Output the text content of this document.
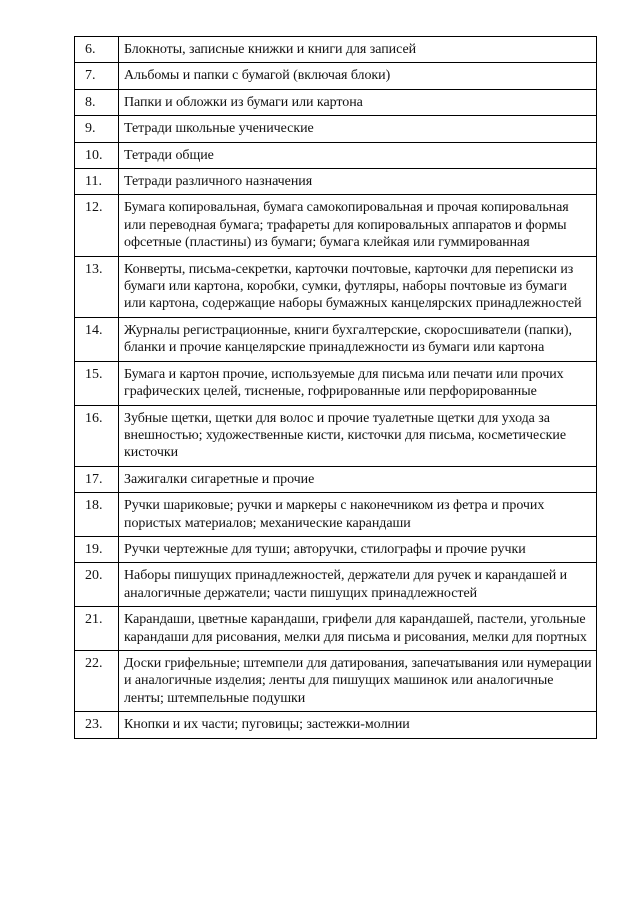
6.	Блокноты, записные книжки и книги для записей
7.	Альбомы и папки с бумагой (включая блоки)
8.	Папки и обложки из бумаги или картона
9.	Тетради школьные ученические
10.	Тетради общие
11.	Тетради различного назначения
12.	Бумага копировальная, бумага самокопировальная и прочая копировальная или переводная бумага; трафареты для копировальных аппаратов и формы офсетные (пластины) из бумаги; бумага клейкая или гуммированная
13.	Конверты, письма-секретки, карточки почтовые, карточки для переписки из бумаги или картона, коробки, сумки, футляры, наборы почтовые из бумаги или картона, содержащие наборы бумажных канцелярских принадлежностей
14.	Журналы регистрационные, книги бухгалтерские, скоросшиватели (папки), бланки и прочие канцелярские принадлежности из бумаги или картона
15.	Бумага и картон прочие, используемые для письма или печати или прочих графических целей, тисненые, гофрированные или перфорированные
16.	Зубные щетки, щетки для волос и прочие туалетные щетки для ухода за внешностью; художественные кисти, кисточки для письма, косметические кисточки
17.	Зажигалки сигаретные и прочие
18.	Ручки шариковые; ручки и маркеры с наконечником из фетра и прочих пористых материалов; механические карандаши
19.	Ручки чертежные для туши; авторучки, стилографы и прочие ручки
20.	Наборы пишущих принадлежностей, держатели для ручек и карандашей и аналогичные держатели; части пишущих принадлежностей
21.	Карандаши, цветные карандаши, грифели для карандашей, пастели, угольные карандаши для рисования, мелки для письма и рисования, мелки для портных
22.	Доски грифельные; штемпели для датирования, запечатывания или нумерации и аналогичные изделия; ленты для пишущих машинок или аналогичные ленты; штемпельные подушки
23.	Кнопки и их части; пуговицы; застежки-молнии
